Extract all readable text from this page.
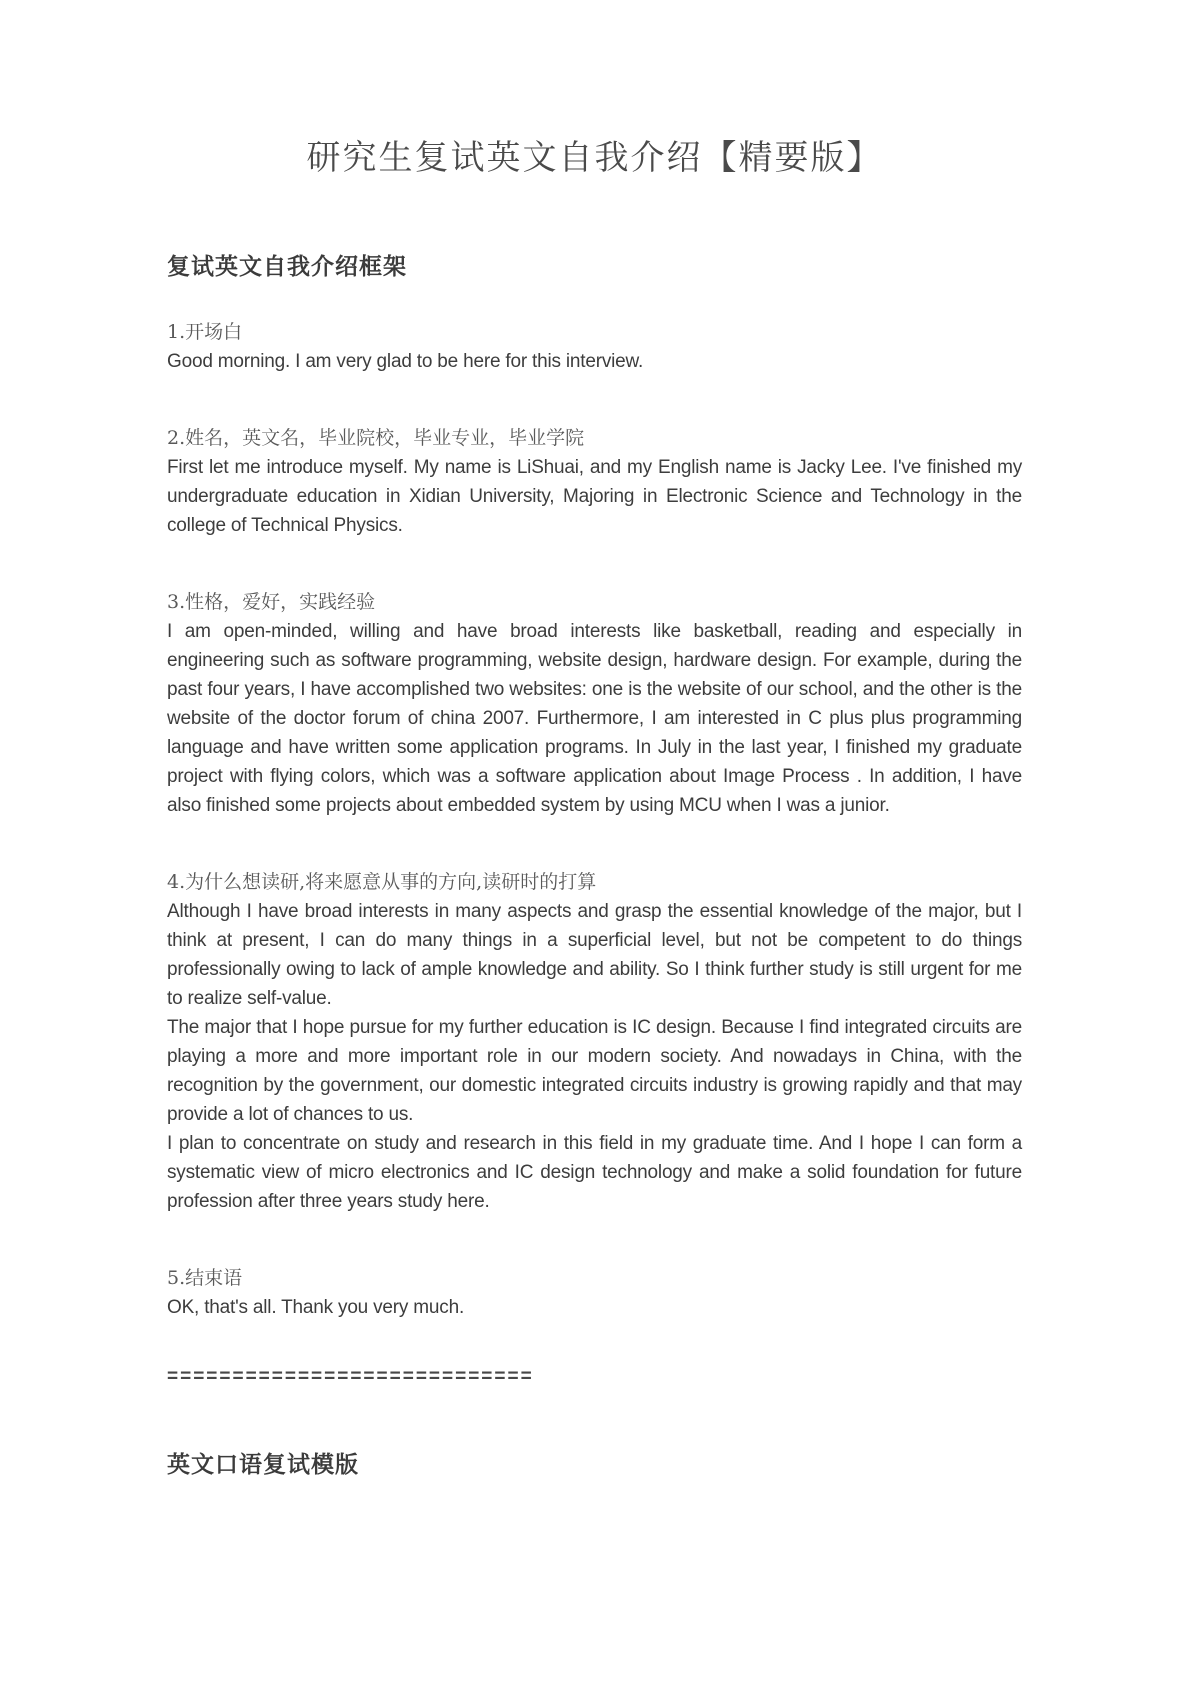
研究生复试英文自我介绍【精要版】
复试英文自我介绍框架
1.开场白

Good morning. I am very glad to be here for this interview.

2.姓名，英文名，毕业院校，毕业专业，毕业学院

First let me introduce myself. My name is LiShuai, and my English name is Jacky Lee. I've finished my undergraduate education in Xidian University, Majoring in Electronic Science and Technology in the college of Technical Physics.

3.性格，爱好，实践经验

I am open-minded, willing and have broad interests like basketball, reading and especially in engineering such as software programming, website design, hardware design. For example, during the past four years, I have accomplished two websites: one is the website of our school, and the other is the website of the doctor forum of china 2007. Furthermore, I am interested in C plus plus programming language and have written some application programs. In July in the last year, I finished my graduate project with flying colors, which was a software application about Image Process . In addition, I have also finished some projects about embedded system by using MCU when I was a junior.

4.为什么想读研,将来愿意从事的方向,读研时的打算

Although I have broad interests in many aspects and grasp the essential knowledge of the major, but I think at present, I can do many things in a superficial level, but not be competent to do things professionally owing to lack of ample knowledge and ability. So I think further study is still urgent for me to realize self-value.

The major that I hope pursue for my further education is IC design. Because I find integrated circuits are playing a more and more important role in our modern society. And nowadays in China, with the recognition by the government, our domestic integrated circuits industry is growing rapidly and that may provide a lot of chances to us.

I plan to concentrate on study and research in this field in my graduate time. And I hope I can form a systematic view of micro electronics and IC design technology and make a solid foundation for future profession after three years study here.

5.结束语

OK, that's all. Thank you very much.

============================
英文口语复试模版
